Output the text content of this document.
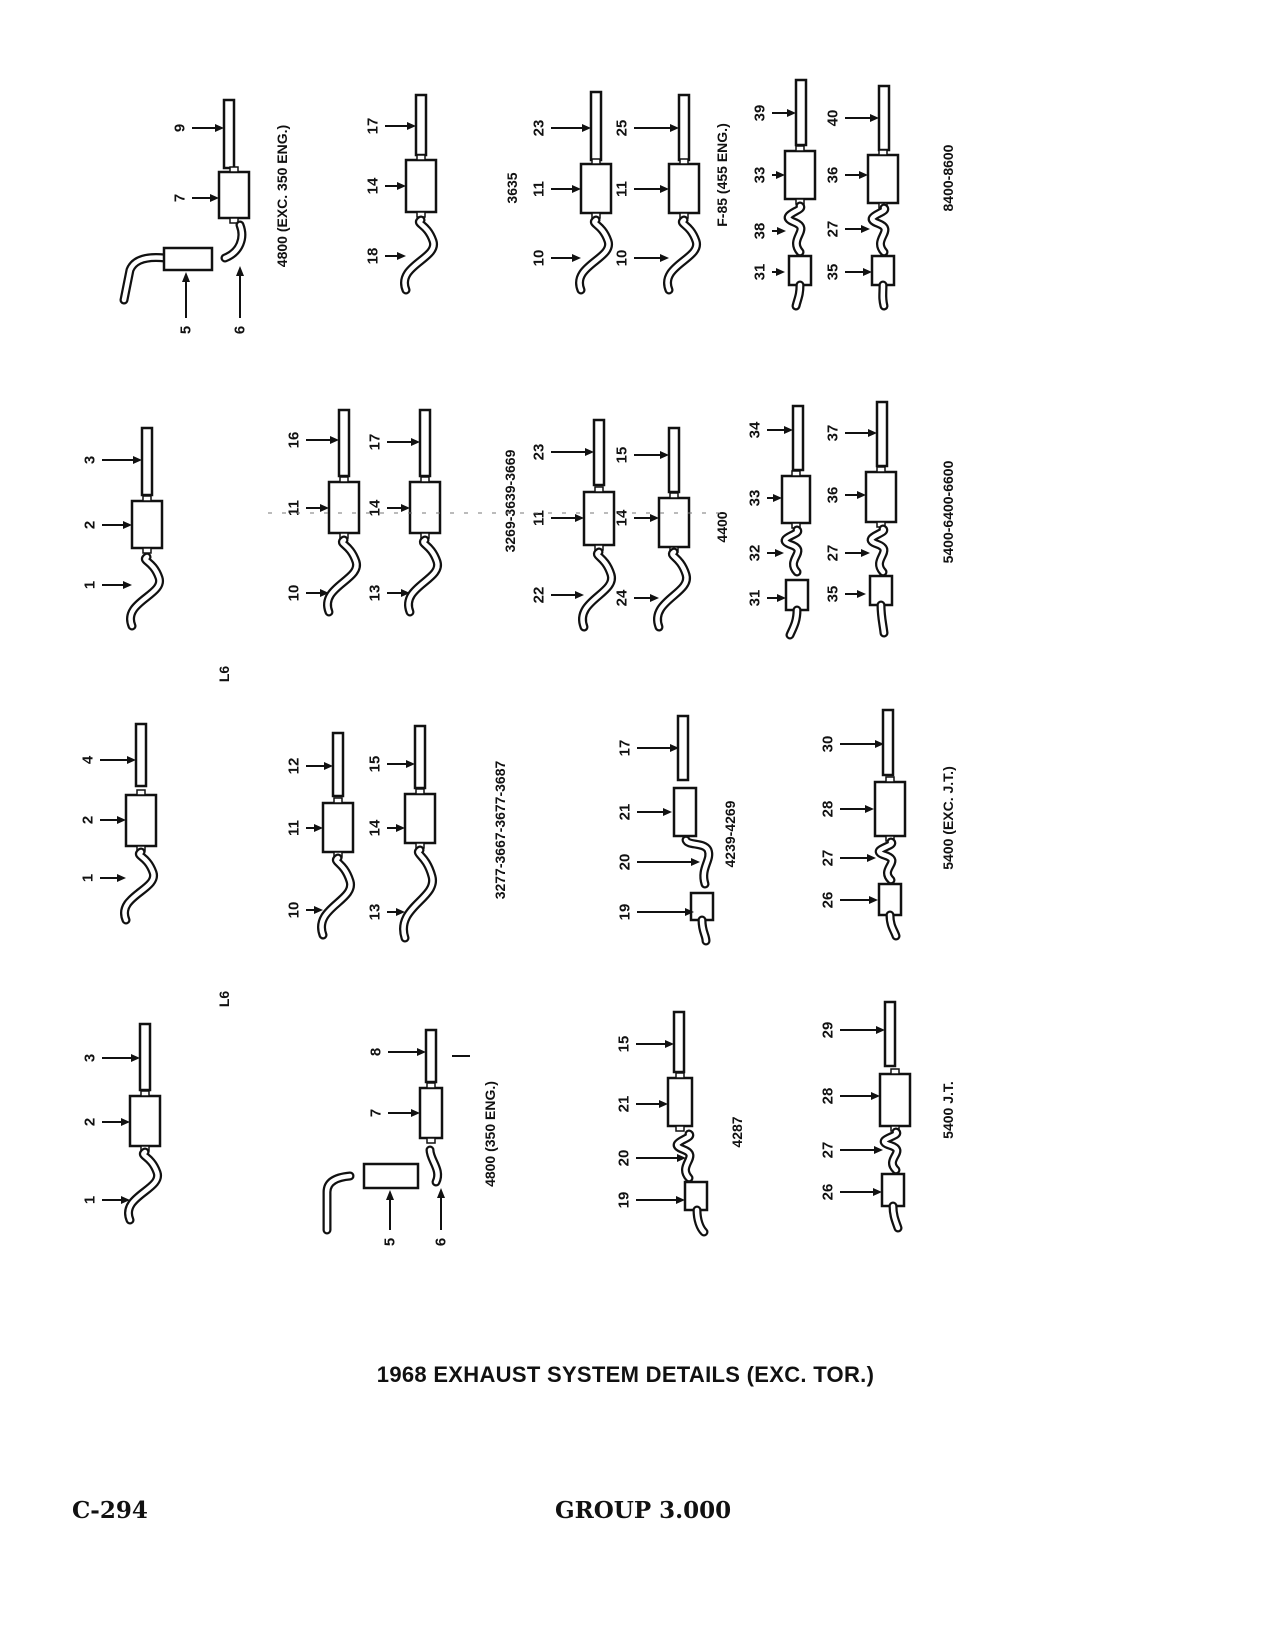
9
7
5 6
18
14
17
10
11
23
10
11
25
31
38
33
39
35
27
36
40
1
2
3
10
11
16
13
14
17
22
11
23
24
14
15
31
32
33
34
35
27
36
37
1
2
4
10
11
12
13
14
15
19
20
21
17
26
27
28
30
1
2
3
8
7
5 6
19
20
21
15
26
27
28
29
L6
L6
4800 (EXC. 350 ENG.)	3635
3269-3639-3669
3277-3667-3677-3687
4800 (350 ENG.)
F-85 (455 ENG.)
4400
4239-4269
4287
8400-8600
5400-6400-6600
5400 (EXC. J.T.)
5400 J.T.
1968 EXHAUST SYSTEM DETAILS (EXC. TOR.)
C-294	GROUP 3.000
